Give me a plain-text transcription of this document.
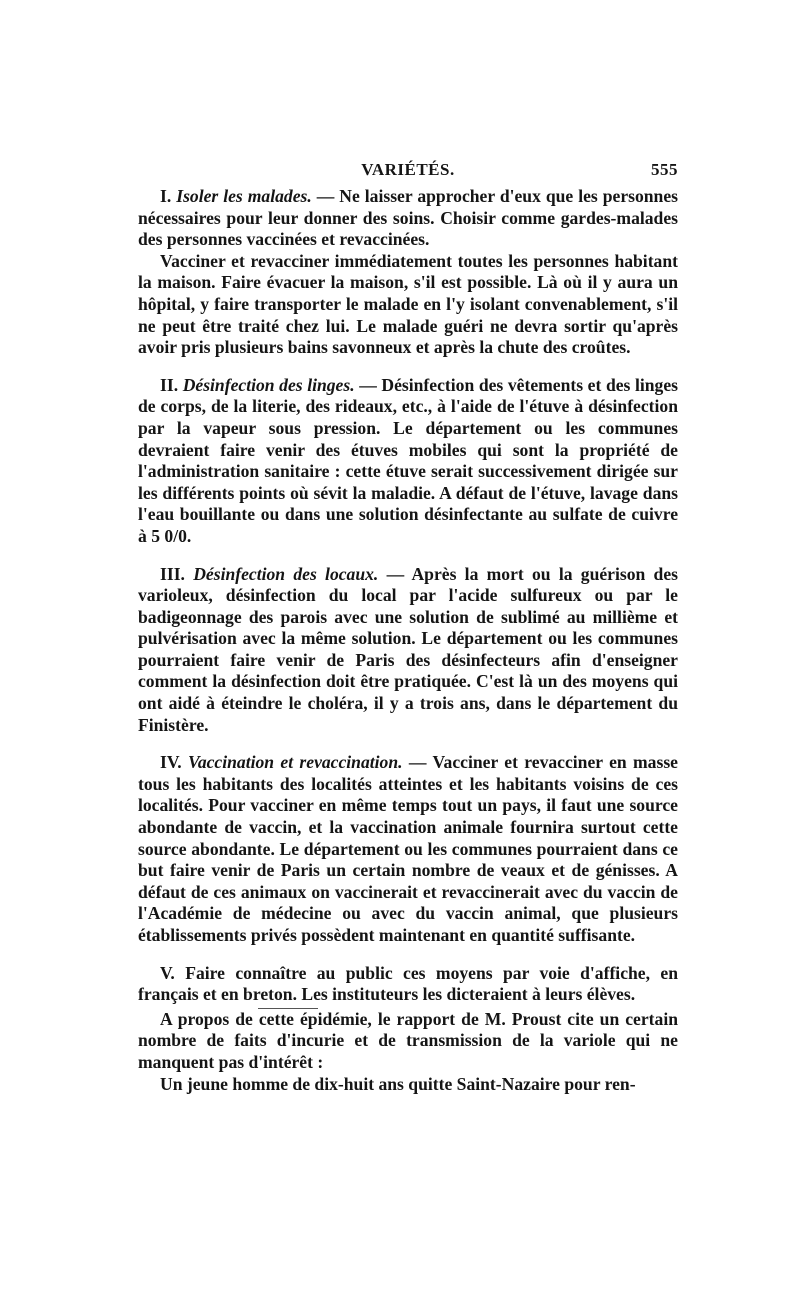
VARIÉTÉS.	555

I. Isoler les malades. — Ne laisser approcher d'eux que les personnes nécessaires pour leur donner des soins. Choisir comme gardes-malades des personnes vaccinées et revaccinées.

Vacciner et revacciner immédiatement toutes les personnes habitant la maison. Faire évacuer la maison, s'il est possible. Là où il y aura un hôpital, y faire transporter le malade en l'y isolant convenablement, s'il ne peut être traité chez lui. Le malade guéri ne devra sortir qu'après avoir pris plusieurs bains savonneux et après la chute des croûtes.

II. Désinfection des linges. — Désinfection des vêtements et des linges de corps, de la literie, des rideaux, etc., à l'aide de l'étuve à désinfection par la vapeur sous pression. Le département ou les communes devraient faire venir des étuves mobiles qui sont la propriété de l'administration sanitaire : cette étuve serait successivement dirigée sur les différents points où sévit la maladie. A défaut de l'étuve, lavage dans l'eau bouillante ou dans une solution désinfectante au sulfate de cuivre à 5 0/0.

III. Désinfection des locaux. — Après la mort ou la guérison des varioleux, désinfection du local par l'acide sulfureux ou par le badigeonnage des parois avec une solution de sublimé au millième et pulvérisation avec la même solution. Le département ou les communes pourraient faire venir de Paris des désinfecteurs afin d'enseigner comment la désinfection doit être pratiquée. C'est là un des moyens qui ont aidé à éteindre le choléra, il y a trois ans, dans le département du Finistère.

IV. Vaccination et revaccination. — Vacciner et revacciner en masse tous les habitants des localités atteintes et les habitants voisins de ces localités. Pour vacciner en même temps tout un pays, il faut une source abondante de vaccin, et la vaccination animale fournira surtout cette source abondante. Le département ou les communes pourraient dans ce but faire venir de Paris un certain nombre de veaux et de génisses. A défaut de ces animaux on vaccinerait et revaccinerait avec du vaccin de l'Académie de médecine ou avec du vaccin animal, que plusieurs établissements privés possèdent maintenant en quantité suffisante.

V. Faire connaître au public ces moyens par voie d'affiche, en français et en breton. Les instituteurs les dicteraient à leurs élèves.

A propos de cette épidémie, le rapport de M. Proust cite un certain nombre de faits d'incurie et de transmission de la variole qui ne manquent pas d'intérêt :

Un jeune homme de dix-huit ans quitte Saint-Nazaire pour ren-
